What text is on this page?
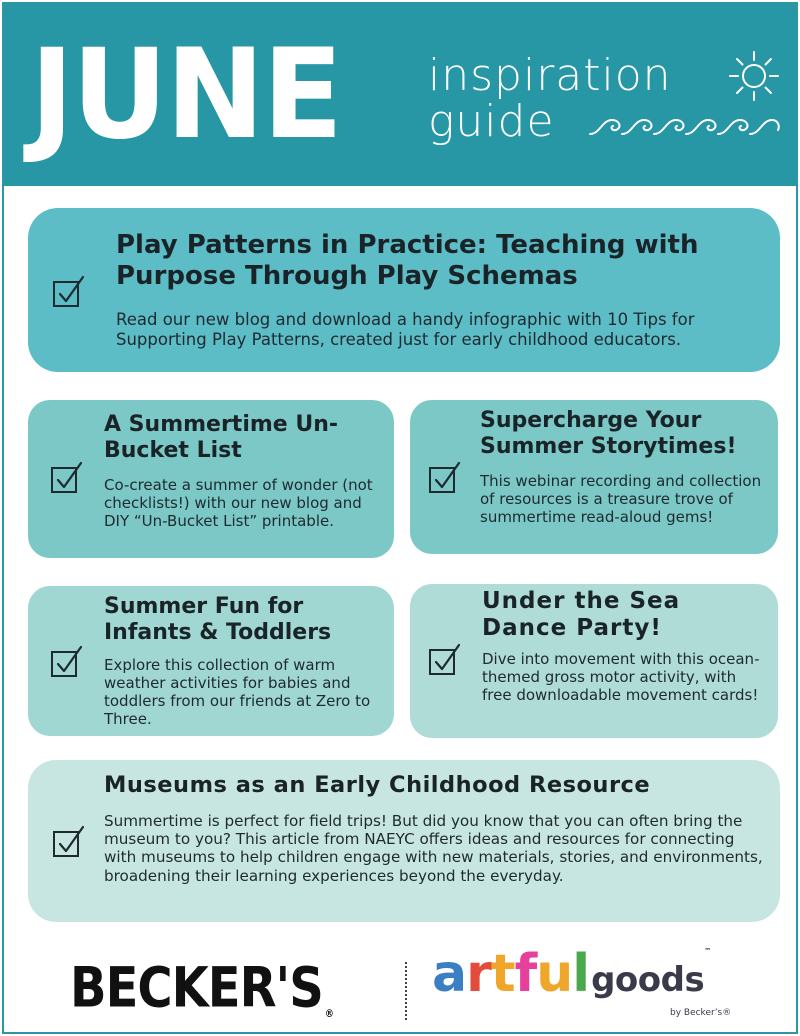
JUNE inspiration
guide
Play Patterns in Practice: Teaching with Purpose Through Play Schemas
Read our new blog and download a handy infographic with 10 Tips for Supporting Play Patterns, created just for early childhood educators.
A Summertime Un-Bucket List
Co-create a summer of wonder (not checklists!) with our new blog and DIY “Un-Bucket List” printable.
Supercharge Your Summer Storytimes!
This webinar recording and collection of resources is a treasure trove of summertime read-aloud gems!
Summer Fun for Infants & Toddlers
Explore this collection of warm weather activities for babies and toddlers from our friends at Zero to Three.
Under the Sea Dance Party!
Dive into movement with this ocean-themed gross motor activity, with free downloadable movement cards!
Museums as an Early Childhood Resource
Summertime is perfect for field trips! But did you know that you can often bring the museum to you? This article from NAEYC offers ideas and resources for connecting with museums to help children engage with new materials, stories, and environments, broadening their learning experiences beyond the everyday.
BECKER'S ®
artfulgoods™
by Becker’s®
